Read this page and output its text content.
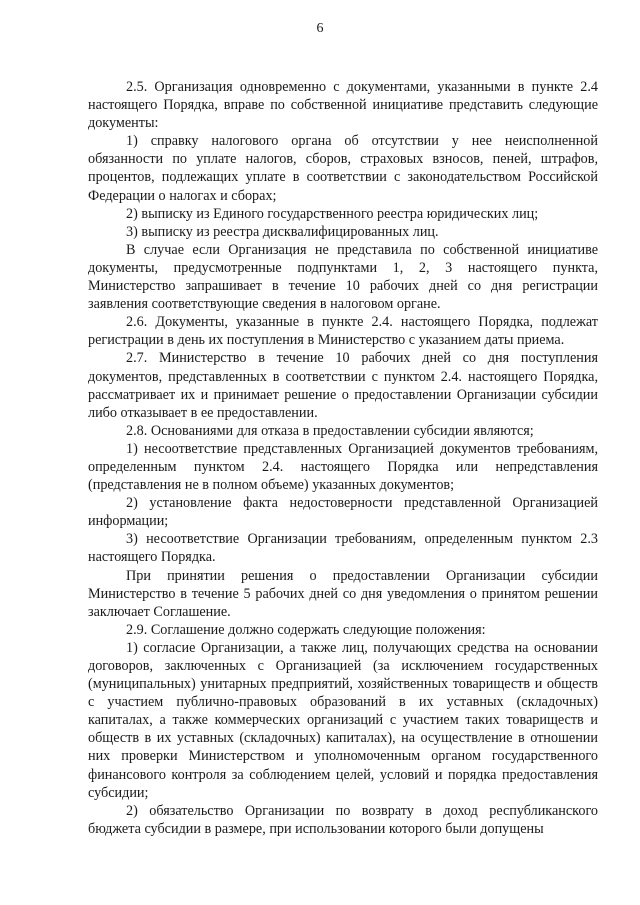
6

2.5. Организация одновременно с документами, указанными в пункте 2.4 настоящего Порядка, вправе по собственной инициативе представить следующие документы:

1) справку налогового органа об отсутствии у нее неисполненной обязанности по уплате налогов, сборов, страховых взносов, пеней, штрафов, процентов, подлежащих уплате в соответствии с законодательством Российской Федерации о налогах и сборах;

2) выписку из Единого государственного реестра юридических лиц;

3) выписку из реестра дисквалифицированных лиц.

В случае если Организация не представила по собственной инициативе документы, предусмотренные подпунктами 1, 2, 3 настоящего пункта, Министерство запрашивает в течение 10 рабочих дней со дня регистрации заявления соответствующие сведения в налоговом органе.

2.6. Документы, указанные в пункте 2.4. настоящего Порядка, подлежат регистрации в день их поступления в Министерство с указанием даты приема.

2.7. Министерство в течение 10 рабочих дней со дня поступления документов, представленных в соответствии с пунктом 2.4. настоящего Порядка, рассматривает их и принимает решение о предоставлении Организации субсидии либо отказывает в ее предоставлении.

2.8. Основаниями для отказа в предоставлении субсидии являются;

1) несоответствие представленных Организацией документов требованиям, определенным пунктом 2.4. настоящего Порядка или непредставления (представления не в полном объеме) указанных документов;

2) установление факта недостоверности представленной Организацией информации;

3) несоответствие Организации требованиям, определенным пунктом 2.3 настоящего Порядка.

При принятии решения о предоставлении Организации субсидии Министерство в течение 5 рабочих дней со дня уведомления о принятом решении заключает Соглашение.

2.9. Соглашение должно содержать следующие положения:

1) согласие Организации, а также лиц, получающих средства на основании договоров, заключенных с Организацией (за исключением государственных (муниципальных) унитарных предприятий, хозяйственных товариществ и обществ с участием публично-правовых образований в их уставных (складочных) капиталах, а также коммерческих организаций с участием таких товариществ и обществ в их уставных (складочных) капиталах), на осуществление в отношении них проверки Министерством и уполномоченным органом государственного финансового контроля за соблюдением целей, условий и порядка предоставления субсидии;

2) обязательство Организации по возврату в доход республиканского бюджета субсидии в размере, при использовании которого были допущены
